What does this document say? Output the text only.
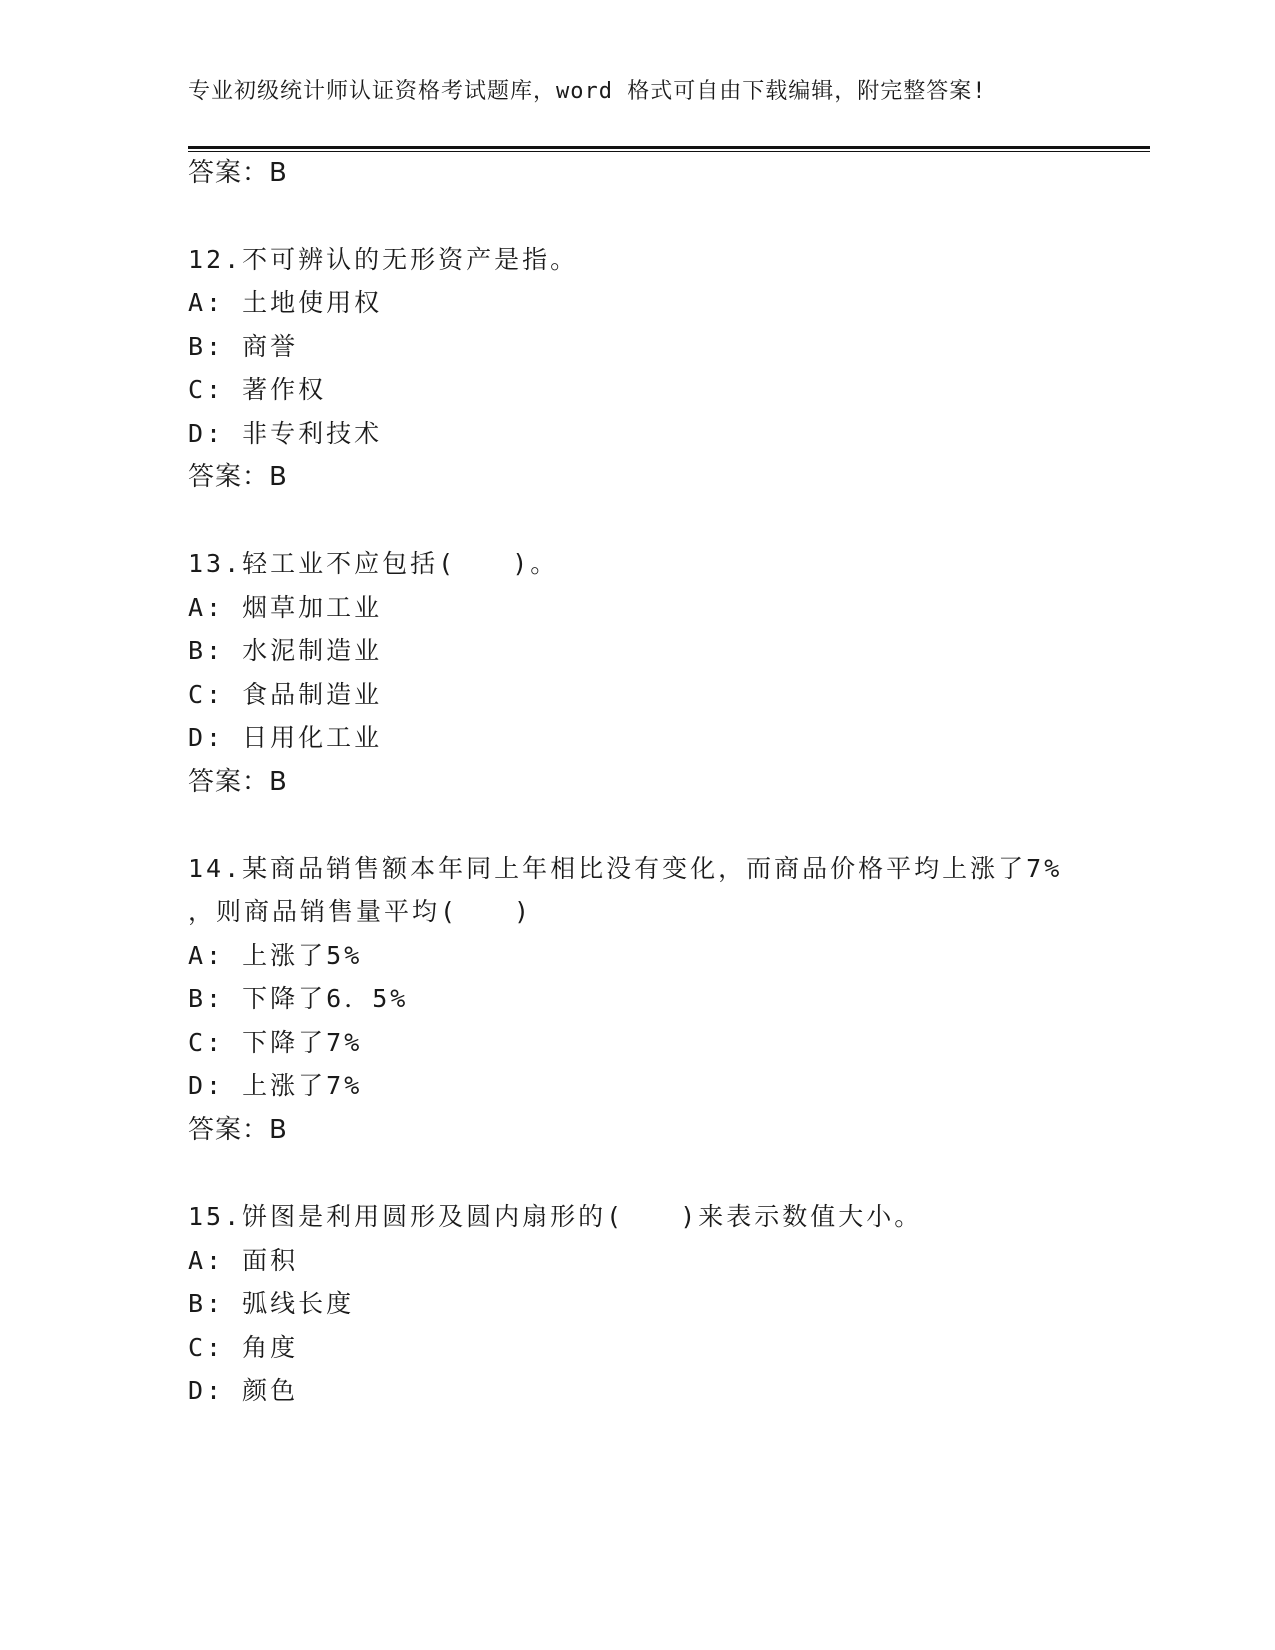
专业初级统计师认证资格考试题库，word 格式可自由下载编辑，附完整答案!
答案：B
12.不可辨认的无形资产是指。
A: 土地使用权
B: 商誉
C: 著作权
D: 非专利技术
答案：B
13.轻工业不应包括(　　)。
A: 烟草加工业
B: 水泥制造业
C: 食品制造业
D: 日用化工业
答案：B
14.某商品销售额本年同上年相比没有变化，而商品价格平均上涨了7%
，则商品销售量平均(　　)
A: 上涨了5%
B: 下降了6．5%
C: 下降了7%
D: 上涨了7%
答案：B
15.饼图是利用圆形及圆内扇形的(　　)来表示数值大小。
A: 面积
B: 弧线长度
C: 角度
D: 颜色
